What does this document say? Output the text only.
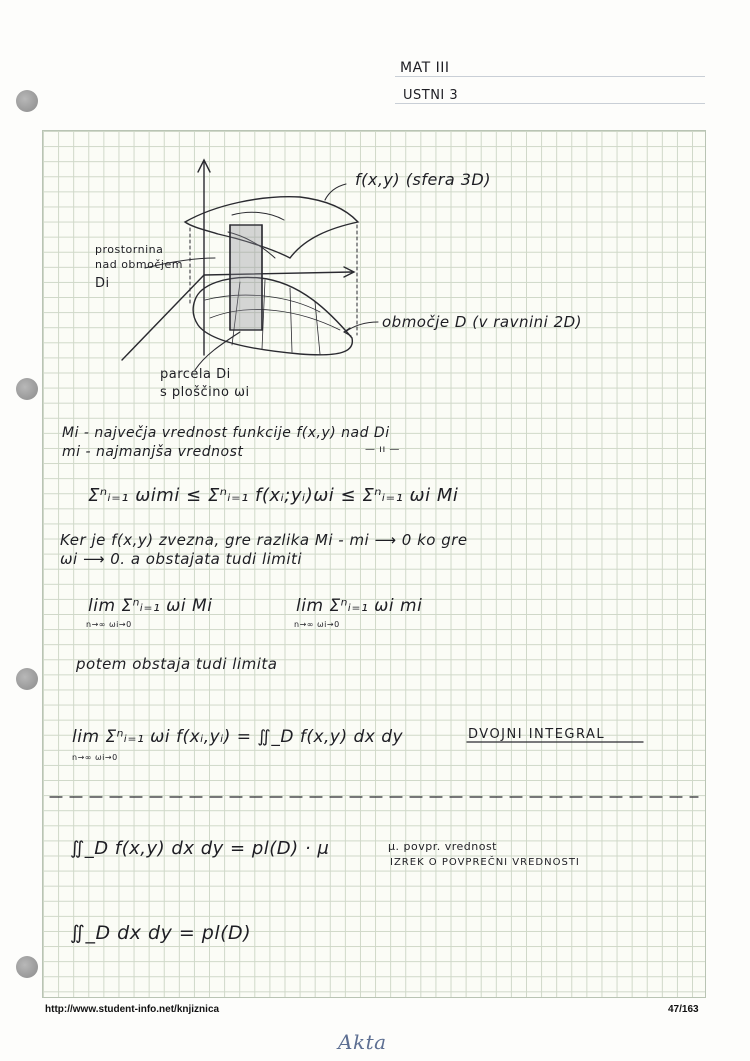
MAT III
USTNI 3
f(x,y) (sfera 3D)
prostornina
nad območjem
Di
območje D (v ravnini 2D)
parcela Di
s ploščino ωi
Mi - največja vrednost funkcije f(x,y) nad Di
mi - najmanjša vrednost	— ıı —
Σⁿᵢ₌₁ ωimi ≤ Σⁿᵢ₌₁ f(xᵢ;yᵢ)ωi ≤ Σⁿᵢ₌₁ ωi Mi
Ker je f(x,y) zvezna, gre razlika Mi - mi ⟶ 0 ko gre
ωi ⟶ 0. a obstajata tudi limiti
lim Σⁿᵢ₌₁ ωi Mi
n→∞ ωi→0
lim Σⁿᵢ₌₁ ωi mi
n→∞ ωi→0
potem obstaja tudi limita
lim Σⁿᵢ₌₁ ωi f(xᵢ,yᵢ) = ∬_D f(x,y) dx dy
n→∞ ωi→0
DVOJNI INTEGRAL
∬_D f(x,y) dx dy = pl(D) · μ	μ. povpr. vrednost
IZREK O POVPREČNI VREDNOSTI
∬_D dx dy = pl(D)
http://www.student-info.net/knjiznica	47/163
Akta
